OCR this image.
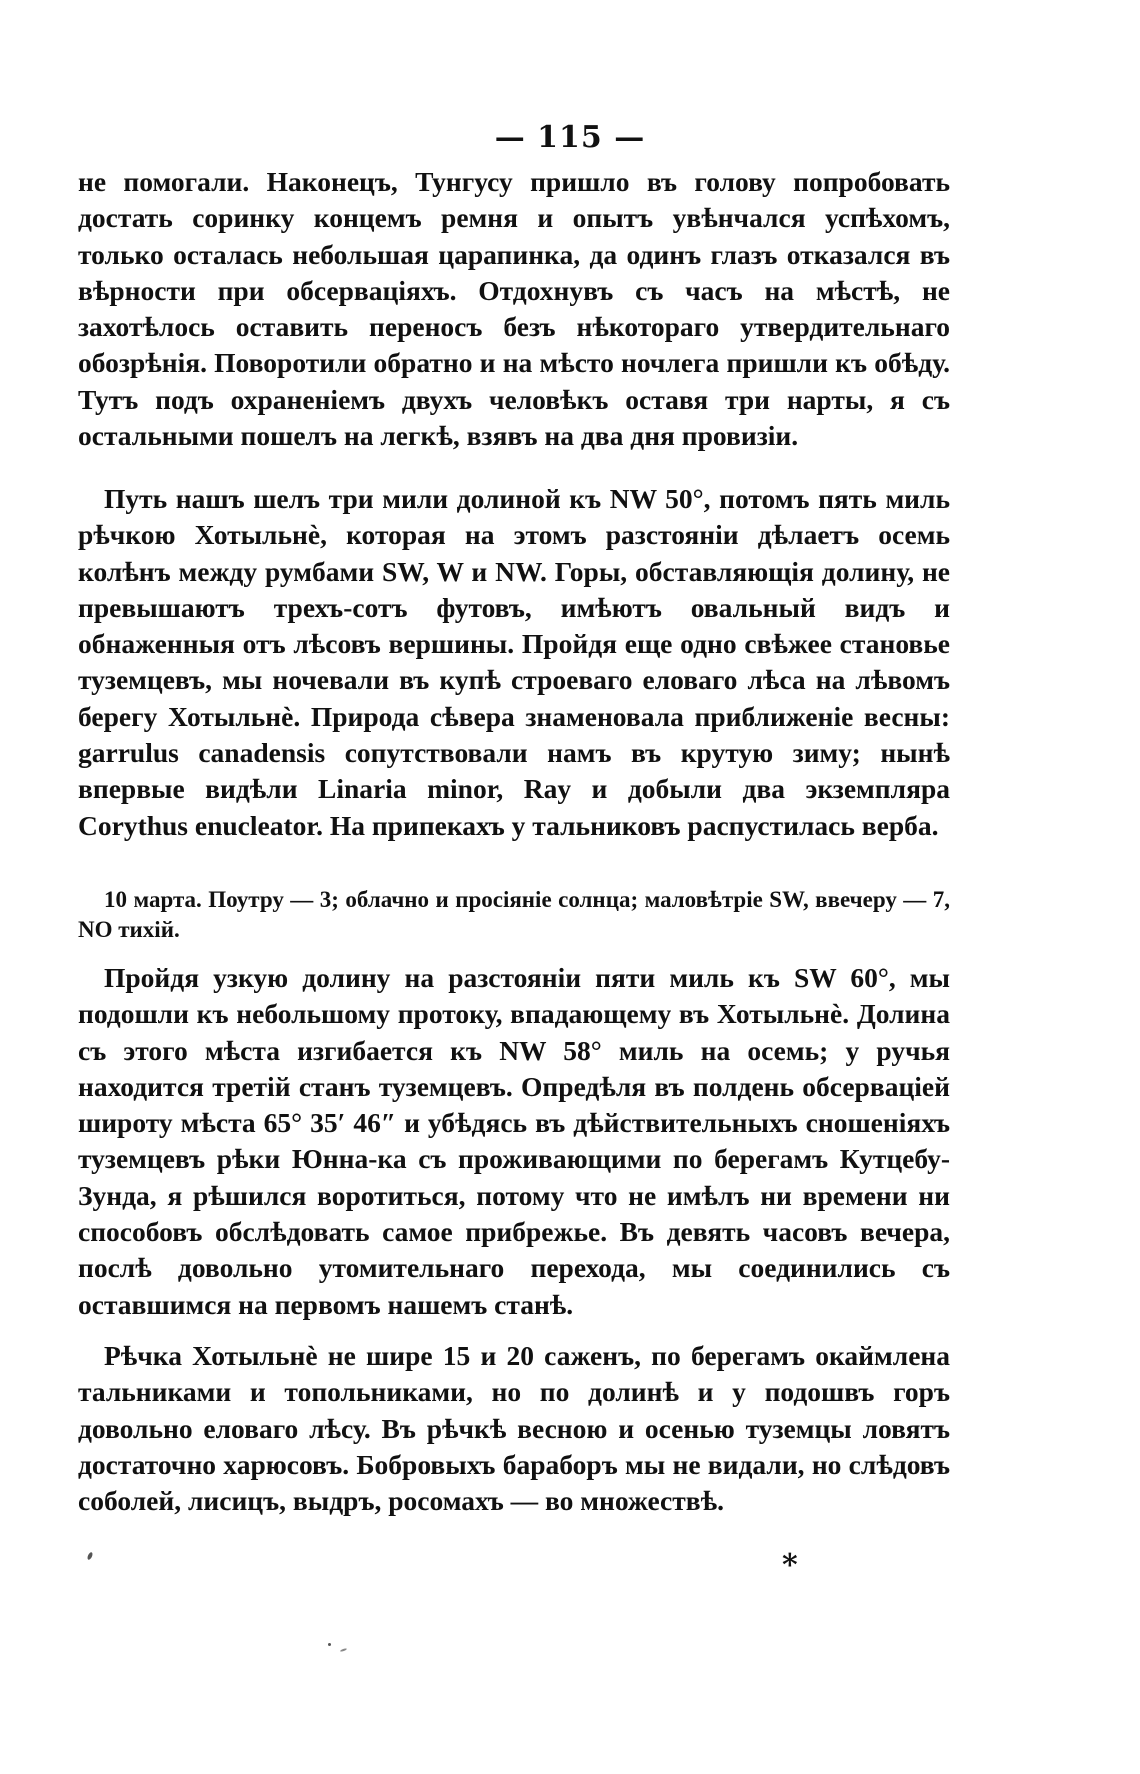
— 115 —

не помогали. Наконецъ, Тунгусу пришло въ голову попробовать достать соринку концемъ ремня и опытъ увѣнчался успѣхомъ, только осталась небольшая царапинка, да одинъ глазъ отказался въ вѣрности при обсерваціяхъ. Отдохнувъ съ часъ на мѣстѣ, не захотѣлось оставить переносъ безъ нѣкотораго утвердительнаго обозрѣнія. Поворотили обратно и на мѣсто ночлега пришли къ обѣду. Тутъ подъ охраненіемъ двухъ человѣкъ оставя три нарты, я съ остальными пошелъ на легкѣ, взявъ на два дня провизіи.

Путь нашъ шелъ три мили долиной къ NW 50°, потомъ пять миль рѣчкою Хотыльнѐ, которая на этомъ разстояніи дѣлаетъ осемь колѣнъ между румбами SW, W и NW. Горы, обставляющія долину, не превышаютъ трехъ-сотъ футовъ, имѣютъ овальный видъ и обнаженныя отъ лѣсовъ вершины. Пройдя еще одно свѣжее становье туземцевъ, мы ночевали въ купѣ строеваго еловаго лѣса на лѣвомъ берегу Хотыльнѐ. Природа сѣвера знаменовала приближеніе весны: garrulus canadensis сопутствовали намъ въ крутую зиму; нынѣ впервые видѣли Linaria minor, Ray и добыли два экземпляра Corythus enucleator. На припекахъ у тальниковъ распустилась верба.

10 марта. Поутру — 3; облачно и просіяніе солнца; маловѣтріе SW, ввечеру — 7, NO тихій.

Пройдя узкую долину на разстояніи пяти миль къ SW 60°, мы подошли къ небольшому протоку, впадающему въ Хотыльнѐ. Долина съ этого мѣста изгибается къ NW 58° миль на осемь; у ручья находится третій станъ туземцевъ. Опредѣля въ полдень обсерваціей широту мѣста 65° 35′ 46″ и убѣдясь въ дѣйствительныхъ сношеніяхъ туземцевъ рѣки Юнна-ка съ проживающими по берегамъ Кутцебу-Зунда, я рѣшился воротиться, потому что не имѣлъ ни времени ни способовъ обслѣдовать самое прибрежье. Въ девять часовъ вечера, послѣ довольно утомительнаго перехода, мы соединились съ оставшимся на первомъ нашемъ станѣ.

Рѣчка Хотыльнѐ не шире 15 и 20 саженъ, по берегамъ окаймлена тальниками и топольниками, но по долинѣ и у подошвъ горъ довольно еловаго лѣсу. Въ рѣчкѣ весною и осенью туземцы ловятъ достаточно харюсовъ. Бобровыхъ бараборъ мы не видали, но слѣдовъ соболей, лисицъ, выдръ, росомахъ — во множествѣ.

*
